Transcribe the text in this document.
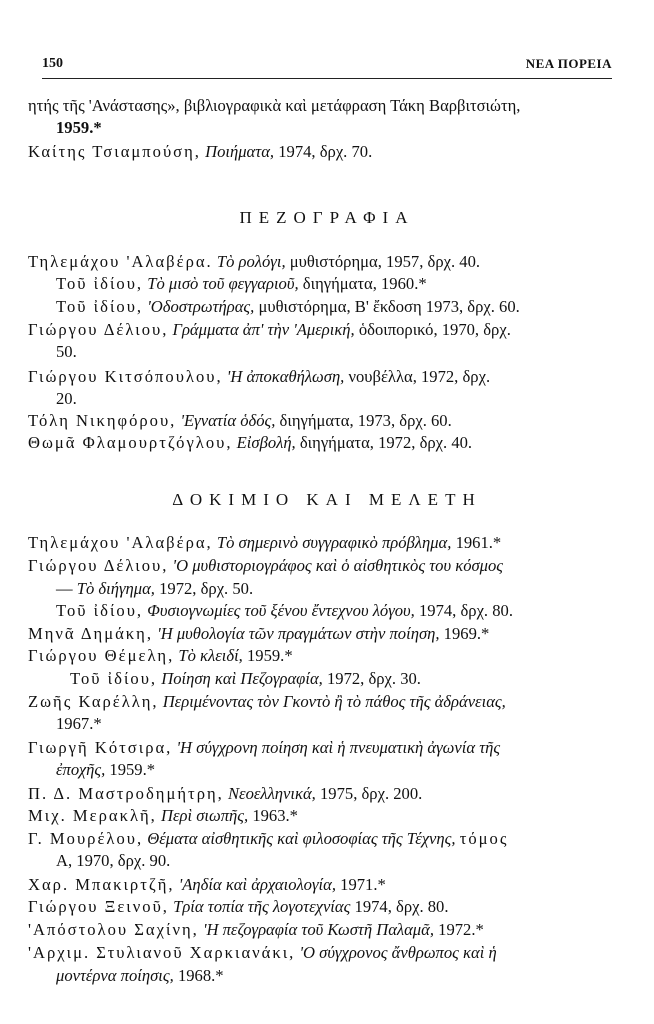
150	ΝΕΑ ΠΟΡΕΙΑ
ητής τῆς 'Ανάστασης», βιβλιογραφικὰ καὶ μετάφραση Τάκη Βαρβιτσιώτη,
1959.*
Καίτης Τσιαμπούση, Ποιήματα, 1974, δρχ. 70.
ΠΕΖΟΓΡΑΦΙΑ
Τηλεμάχου 'Αλαβέρα. Τὸ ρολόγι, μυθιστόρημα, 1957, δρχ. 40.
Τοῦ ἰδίου, Τὸ μισὸ τοῦ φεγγαριοῦ, διηγήματα, 1960.*
Τοῦ ἰδίου, 'Οδοστρωτήρας, μυθιστόρημα, Β' ἔκδοση 1973, δρχ. 60.
Γιώργου Δέλιου, Γράμματα ἀπ' τὴν 'Αμερική, ὁδοιπορικό, 1970, δρχ.
50.
Γιώργου Κιτσόπουλου, 'Η ἀποκαθήλωση, νουβέλλα, 1972, δρχ.
20.
Τόλη Νικηφόρου, 'Εγνατία ὁδός, διηγήματα, 1973, δρχ. 60.
Θωμᾶ Φλαμουρτζόγλου, Εἰσβολή, διηγήματα, 1972, δρχ. 40.
ΔΟΚΙΜΙΟ ΚΑΙ ΜΕΛΕΤΗ
Τηλεμάχου 'Αλαβέρα, Τὸ σημερινὸ συγγραφικὸ πρόβλημα, 1961.*
Γιώργου Δέλιου, 'Ο μυθιστοριογράφος καὶ ὁ αἰσθητικὸς του κόσμος
— Τὸ διήγημα, 1972, δρχ. 50.
Τοῦ ἰδίου, Φυσιογνωμίες τοῦ ξένου ἔντεχνου λόγου, 1974, δρχ. 80.
Μηνᾶ Δημάκη, 'Η μυθολογία τῶν πραγμάτων στὴν ποίηση, 1969.*
Γιώργου Θέμελη, Τὸ κλειδί, 1959.*
Τοῦ ἰδίου, Ποίηση καὶ Πεζογραφία, 1972, δρχ. 30.
Ζωῆς Καρέλλη, Περιμένοντας τὸν Γκοντὸ ἢ τὸ πάθος τῆς ἀδράνειας,
1967.*
Γιωργῆ Κότσιρα, 'Η σύγχρονη ποίηση καὶ ἡ πνευματικὴ ἀγωνία τῆς
ἐποχῆς, 1959.*
Π. Δ. Μαστροδημήτρη, Νεοελληνικά, 1975, δρχ. 200.
Μιχ. Μερακλῆ, Περὶ σιωπῆς, 1963.*
Γ. Μουρέλου, Θέματα αἰσθητικῆς καὶ φιλοσοφίας τῆς Τέχνης, τόμος
Α, 1970, δρχ. 90.
Χαρ. Μπακιρτζῆ, 'Αηδία καὶ ἀρχαιολογία, 1971.*
Γιώργου Ξεινοῦ, Τρία τοπία τῆς λογοτεχνίας 1974, δρχ. 80.
'Απόστολου Σαχίνη, 'Η πεζογραφία τοῦ Κωστῆ Παλαμᾶ, 1972.*
'Αρχιμ. Στυλιανοῦ Χαρκιανάκι, 'Ο σύγχρονος ἄνθρωπος καὶ ἡ
μοντέρνα ποίησις, 1968.*
